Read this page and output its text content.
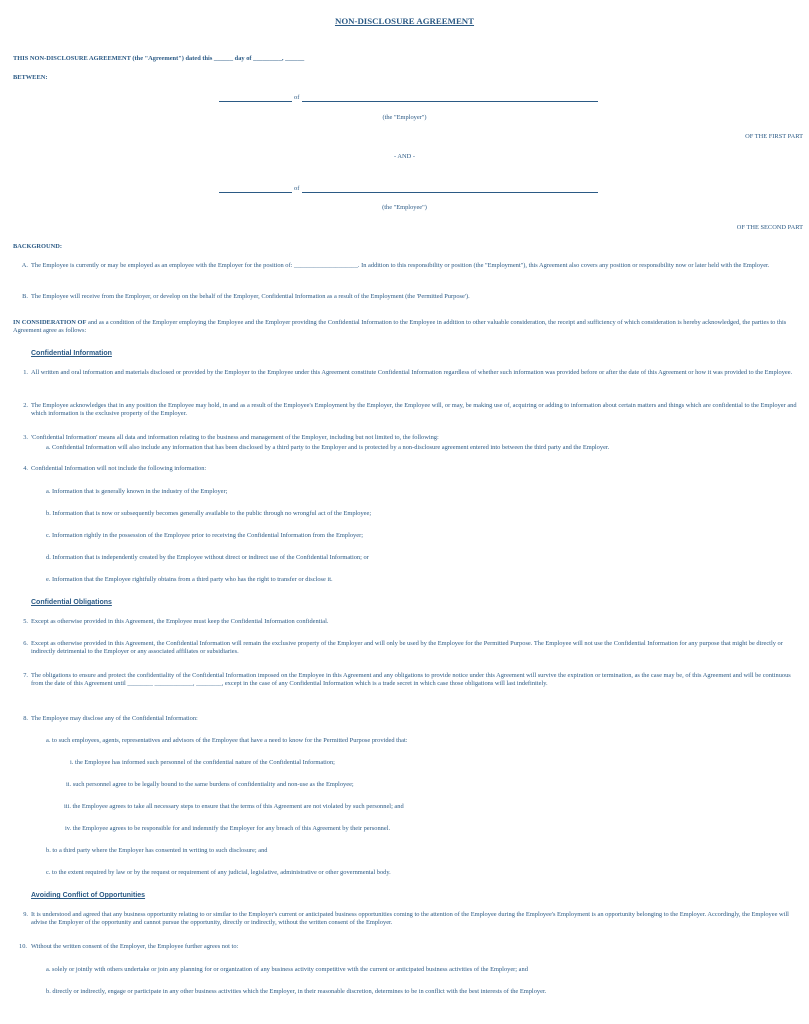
NON-DISCLOSURE AGREEMENT
THIS NON-DISCLOSURE AGREEMENT (the "Agreement") dated this ______ day of _________, ______
BETWEEN:
of
(the "Employer")
OF THE FIRST PART
- AND -
of
(the "Employee")
OF THE SECOND PART
BACKGROUND:
A. The Employee is currently or may be employed as an employee with the Employer for the position of: ____________________. In addition to this responsibility or position (the "Employment"), this Agreement also covers any position or responsibility now or later held with the Employer.
B. The Employee will receive from the Employer, or develop on the behalf of the Employer, Confidential Information as a result of the Employment (the 'Permitted Purpose').
IN CONSIDERATION OF and as a condition of the Employer employing the Employee and the Employer providing the Confidential Information to the Employee in addition to other valuable consideration, the receipt and sufficiency of which consideration is hereby acknowledged, the parties to this Agreement agree as follows:
Confidential Information
1. All written and oral information and materials disclosed or provided by the Employer to the Employee under this Agreement constitute Confidential Information regardless of whether such information was provided before or after the date of this Agreement or how it was provided to the Employee.
2. The Employee acknowledges that in any position the Employee may hold, in and as a result of the Employee's Employment by the Employer, the Employee will, or may, be making use of, acquiring or adding to information about certain matters and things which are confidential to the Employer and which information is the exclusive property of the Employer.
3. 'Confidential Information' means all data and information relating to the business and management of the Employer, including but not limited to, the following:
a. Confidential Information will also include any information that has been disclosed by a third party to the Employer and is protected by a non-disclosure agreement entered into between the third party and the Employer.
4. Confidential Information will not include the following information:
a. Information that is generally known in the industry of the Employer;
b. Information that is now or subsequently becomes generally available to the public through no wrongful act of the Employee;
c. Information rightly in the possession of the Employee prior to receiving the Confidential Information from the Employer;
d. Information that is independently created by the Employee without direct or indirect use of the Confidential Information; or
e. Information that the Employee rightfully obtains from a third party who has the right to transfer or disclose it.
Confidential Obligations
5. Except as otherwise provided in this Agreement, the Employee must keep the Confidential Information confidential.
6. Except as otherwise provided in this Agreement, the Confidential Information will remain the exclusive property of the Employer and will only be used by the Employee for the Permitted Purpose. The Employee will not use the Confidential Information for any purpose that might be directly or indirectly detrimental to the Employer or any associated affiliates or subsidiaries.
7. The obligations to ensure and protect the confidentiality of the Confidential Information imposed on the Employee in this Agreement and any obligations to provide notice under this Agreement will survive the expiration or termination, as the case may be, of this Agreement and will be continuous from the date of this Agreement until ________ ____________, ________, except in the case of any Confidential Information which is a trade secret in which case those obligations will last indefinitely.
8. The Employee may disclose any of the Confidential Information:
a. to such employees, agents, representatives and advisors of the Employee that have a need to know for the Permitted Purpose provided that:
i. the Employee has informed such personnel of the confidential nature of the Confidential Information;
ii. such personnel agree to be legally bound to the same burdens of confidentiality and non-use as the Employee;
iii. the Employee agrees to take all necessary steps to ensure that the terms of this Agreement are not violated by such personnel; and
iv. the Employee agrees to be responsible for and indemnify the Employer for any breach of this Agreement by their personnel.
b. to a third party where the Employer has consented in writing to such disclosure; and
c. to the extent required by law or by the request or requirement of any judicial, legislative, administrative or other governmental body.
Avoiding Conflict of Opportunities
9. It is understood and agreed that any business opportunity relating to or similar to the Employer's current or anticipated business opportunities coming to the attention of the Employee during the Employee's Employment is an opportunity belonging to the Employer. Accordingly, the Employee will advise the Employer of the opportunity and cannot pursue the opportunity, directly or indirectly, without the written consent of the Employer.
10. Without the written consent of the Employer, the Employee further agrees not to:
a. solely or jointly with others undertake or join any planning for or organization of any business activity competitive with the current or anticipated business activities of the Employer; and
b. directly or indirectly, engage or participate in any other business activities which the Employer, in their reasonable discretion, determines to be in conflict with the best interests of the Employer.
